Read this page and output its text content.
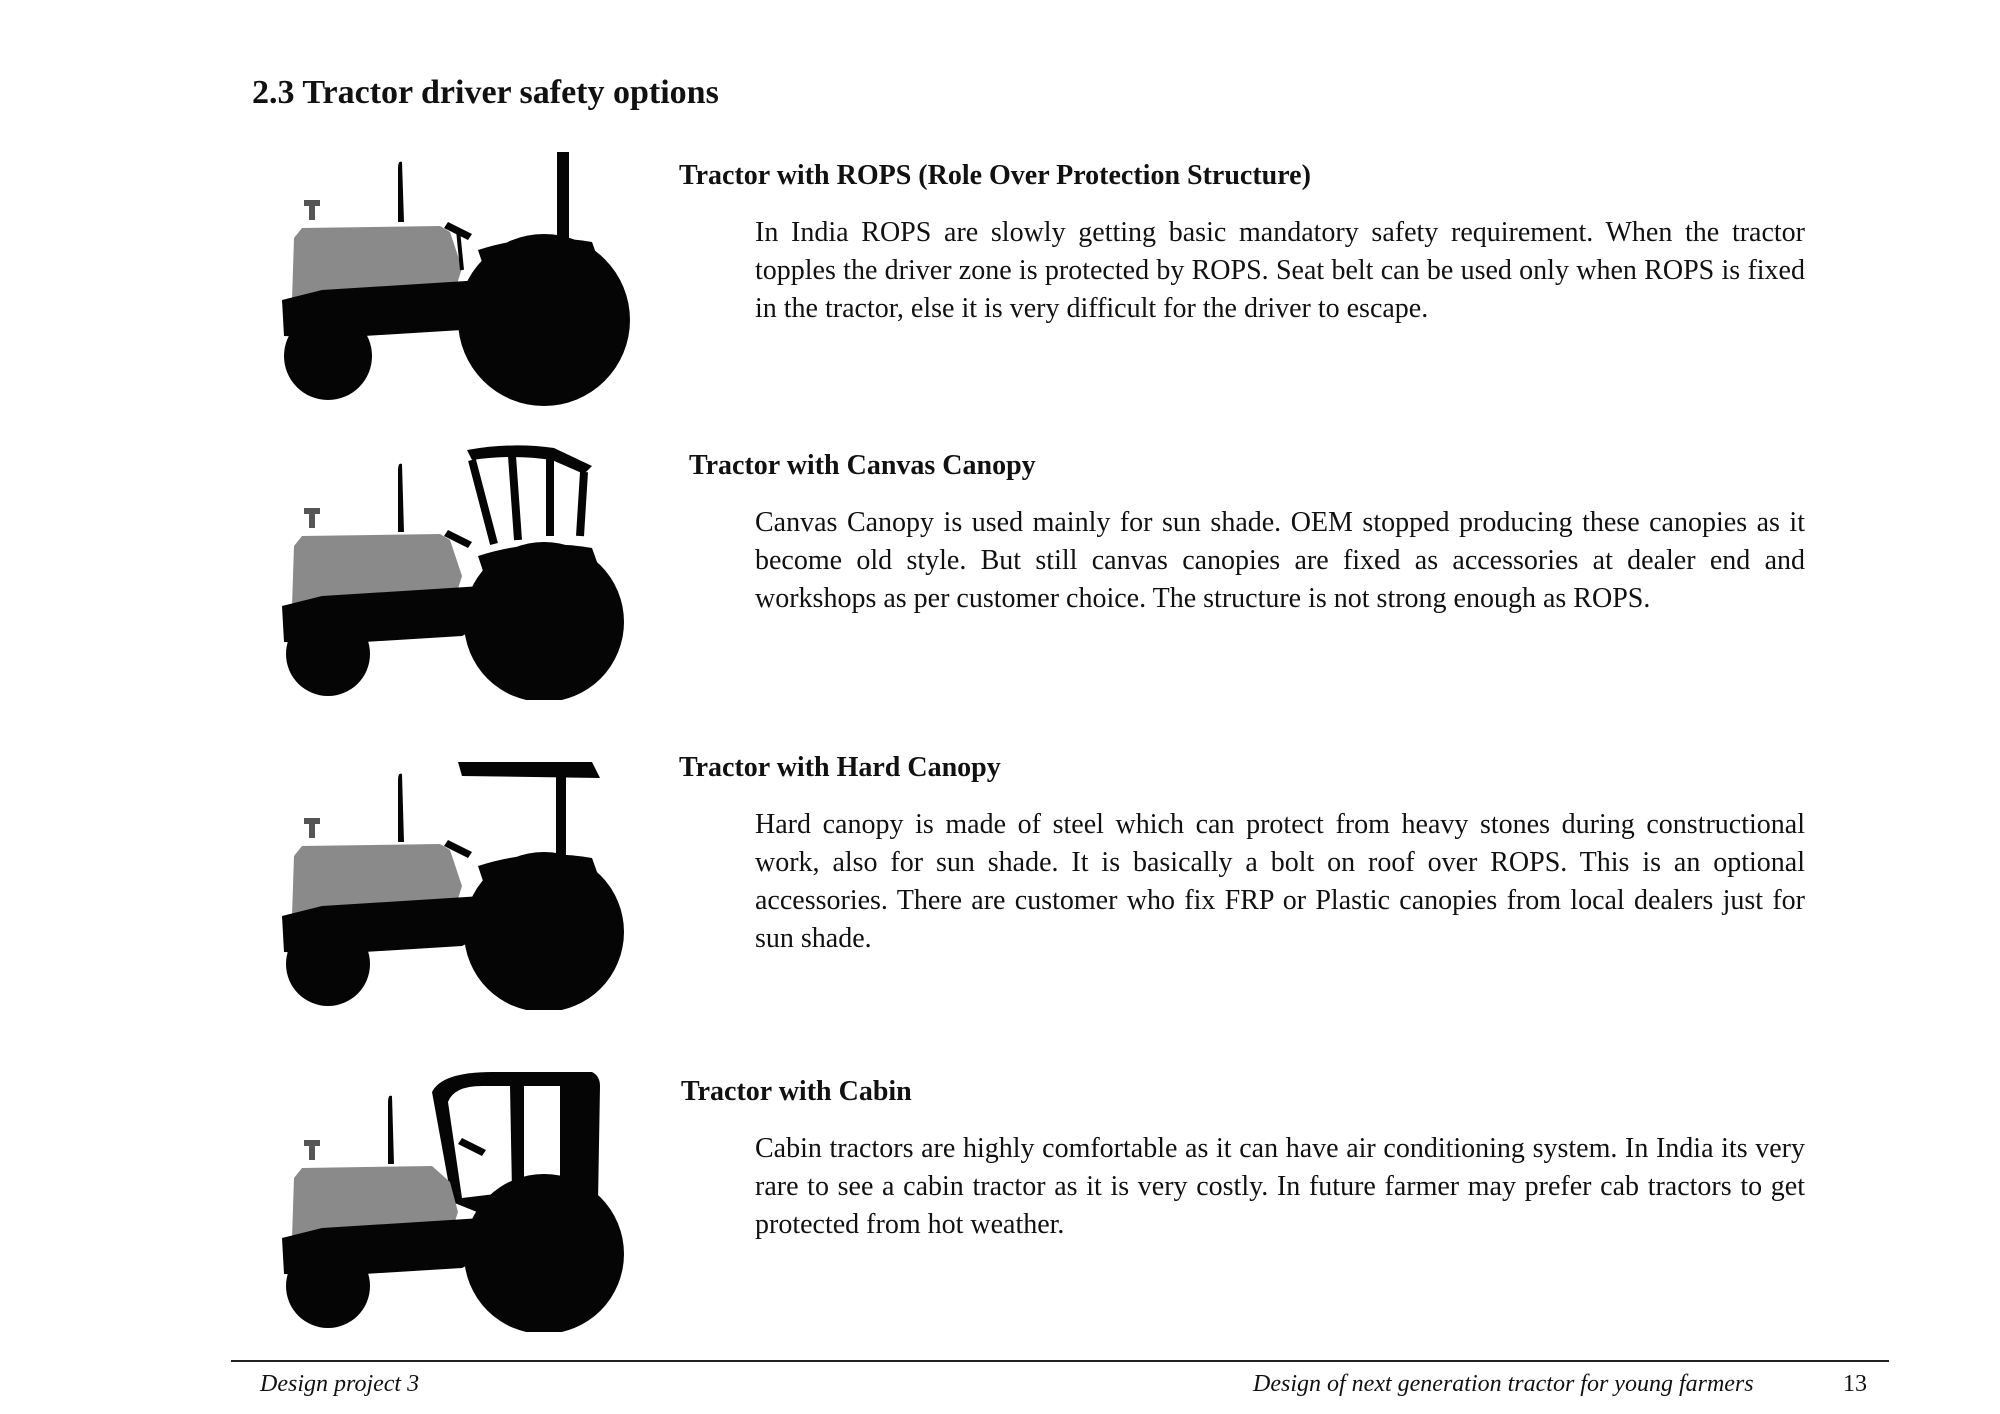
2.3 Tractor driver safety options
Tractor with ROPS (Role Over Protection Structure)

In India ROPS are slowly getting basic mandatory safety requirement. When the tractor topples the driver zone is protected by ROPS. Seat belt can be used only when ROPS is fixed in the tractor, else it is very difficult for the driver to escape.

Tractor with Canvas Canopy

Canvas Canopy is used mainly for sun shade. OEM stopped producing these canopies as it become old style. But still canvas canopies are fixed as accessories at dealer end and workshops as per customer choice. The structure is not strong enough as ROPS.

Tractor with Hard Canopy

Hard canopy is made of steel which can protect from heavy stones during constructional work, also for sun shade. It is basically a bolt on roof over ROPS. This is an optional accessories. There are customer who fix FRP or Plastic canopies from local dealers just for sun shade.

Tractor with Cabin

Cabin tractors are highly comfortable as it can have air conditioning system. In India its very rare to see a cabin tractor as it is very costly. In future farmer may prefer cab tractors to get protected from hot weather.

Design project 3	Design of next generation tractor for young farmers	13
